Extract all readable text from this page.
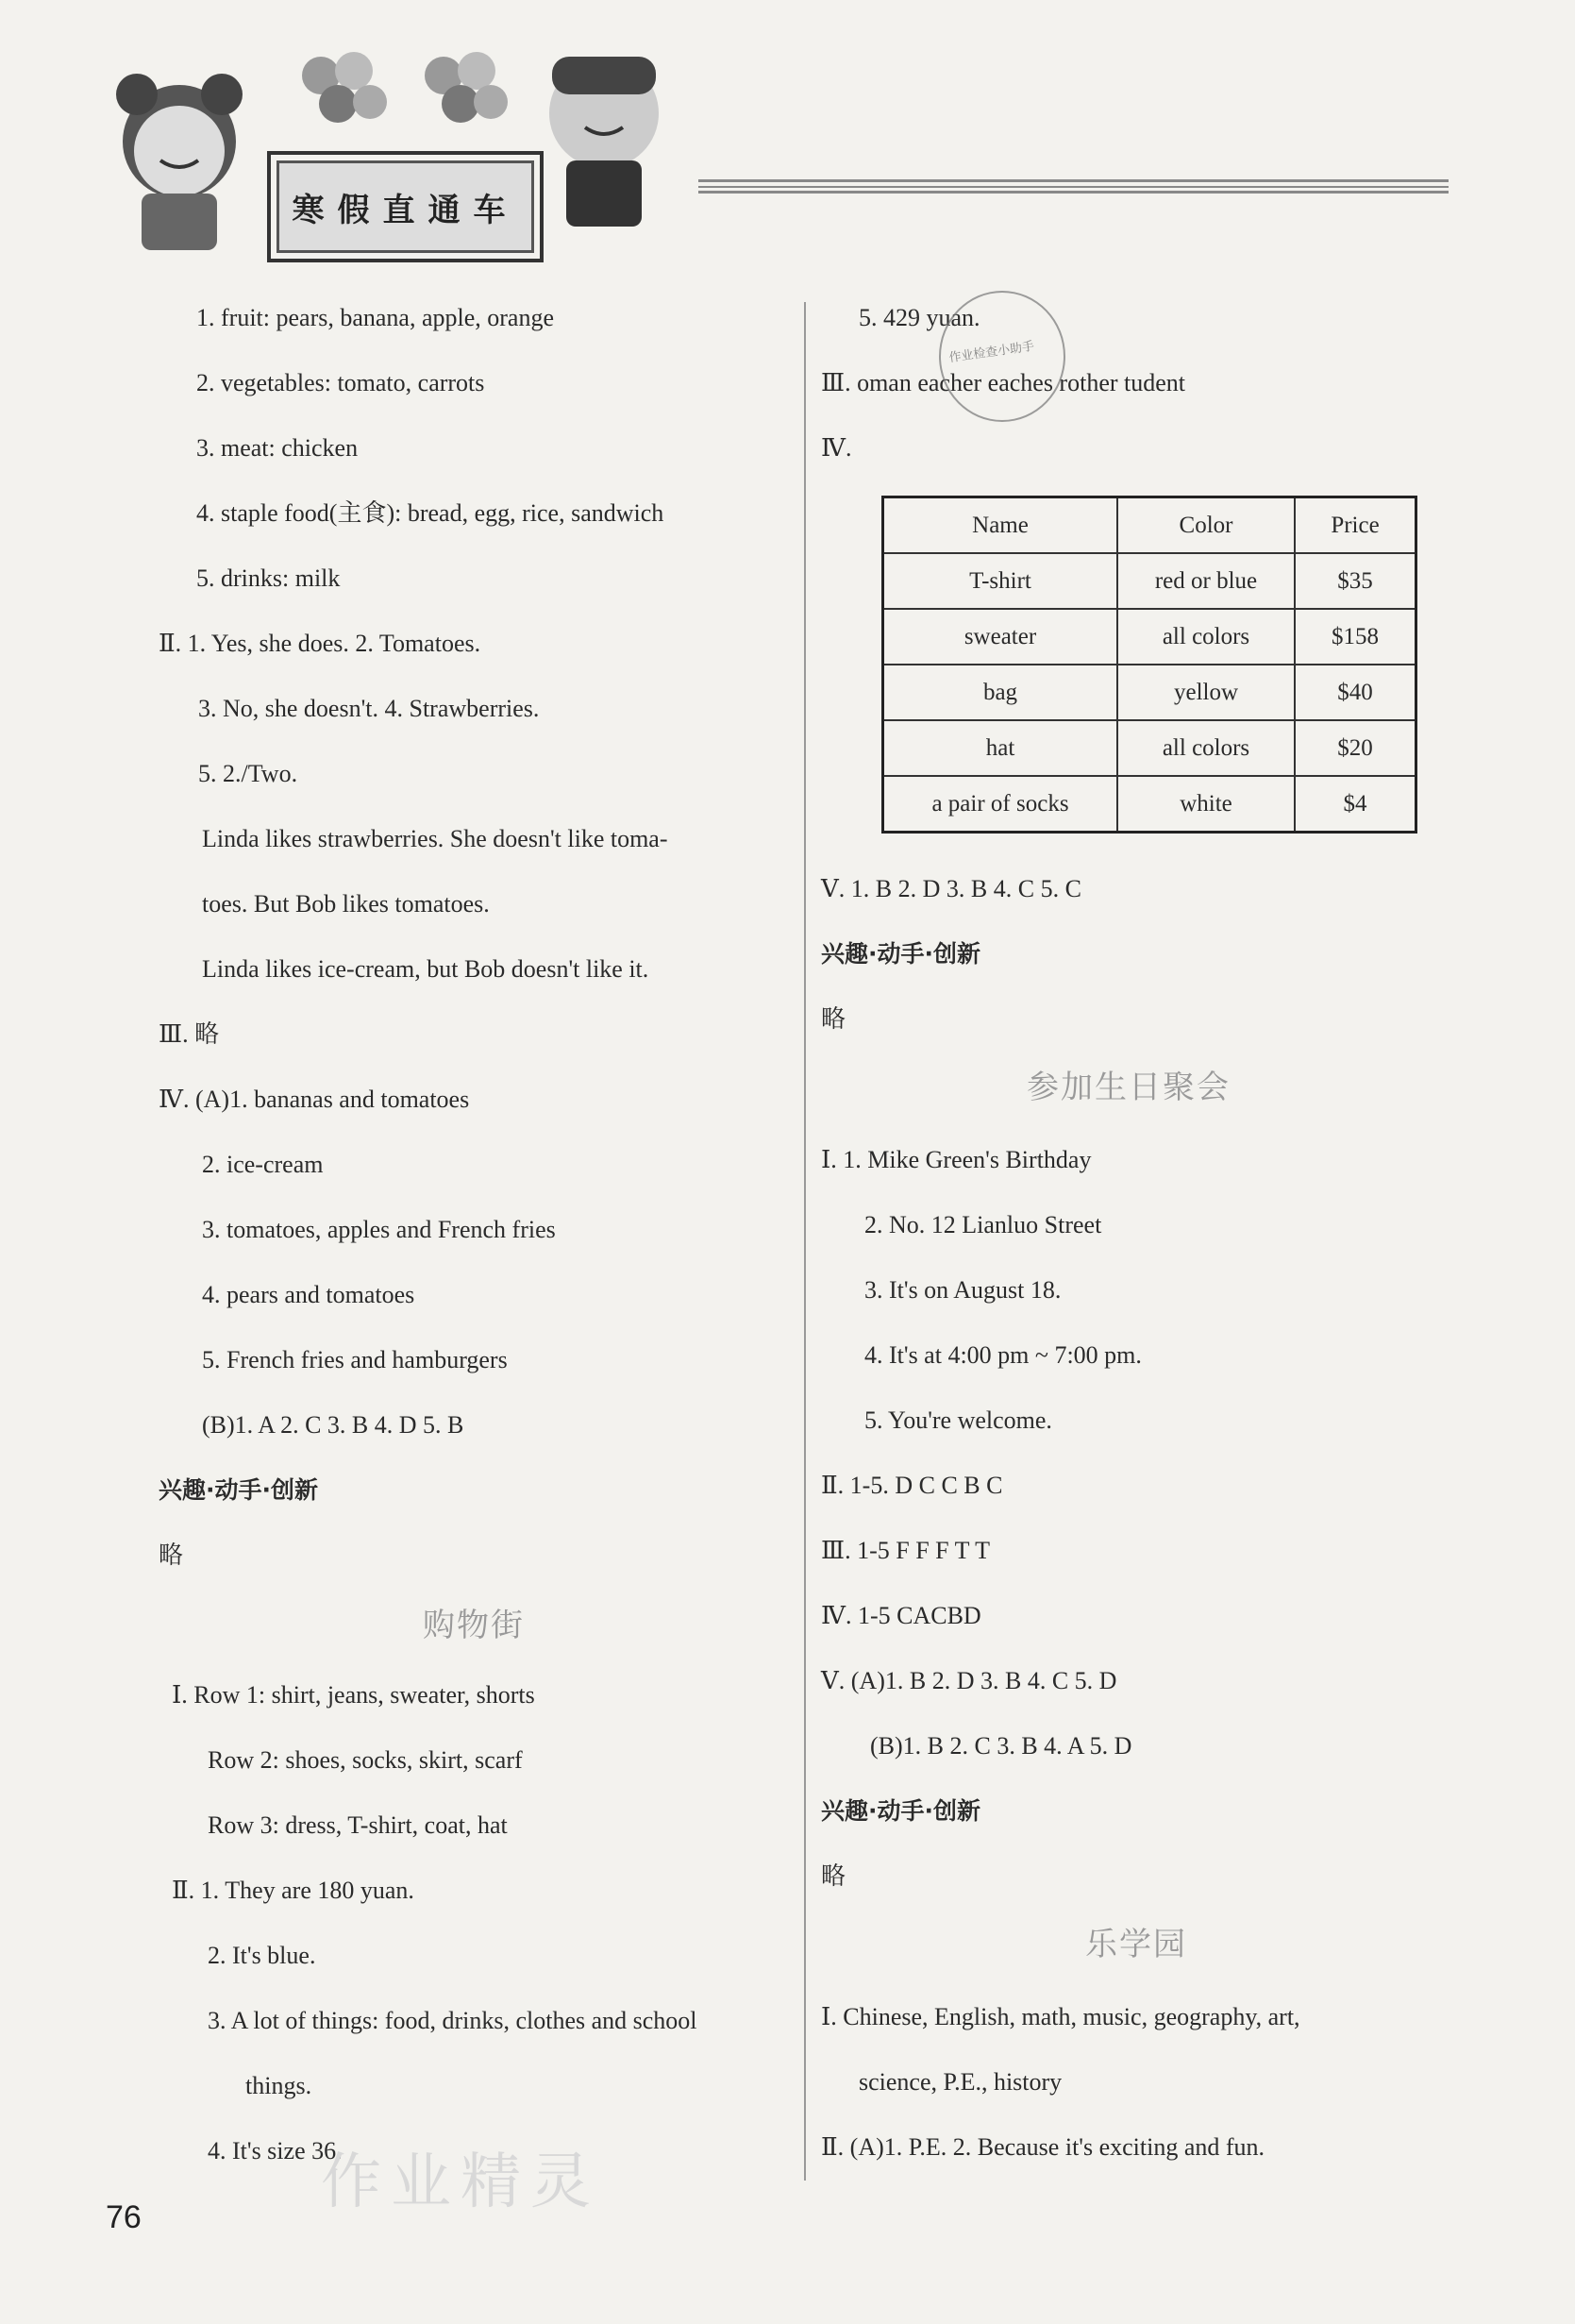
寒假直通车
1. fruit: pears, banana, apple, orange
2. vegetables: tomato, carrots
3. meat: chicken
4. staple food(主食): bread, egg, rice, sandwich
5. drinks: milk
Ⅱ. 1. Yes, she does. 2. Tomatoes.
3. No, she doesn't. 4. Strawberries.
5. 2./Two.
Linda likes strawberries. She doesn't like toma-
toes. But Bob likes tomatoes.
Linda likes ice-cream, but Bob doesn't like it.
Ⅲ. 略
Ⅳ. (A)1. bananas and tomatoes
2. ice-cream
3. tomatoes, apples and French fries
4. pears and tomatoes
5. French fries and hamburgers
(B)1. A 2. C 3. B 4. D 5. B
兴趣·动手·创新
略
购物街
Ⅰ. Row 1: shirt, jeans, sweater, shorts
Row 2: shoes, socks, skirt, scarf
Row 3: dress, T-shirt, coat, hat
Ⅱ. 1. They are 180 yuan.
2. It's blue.
3. A lot of things: food, drinks, clothes and school
things.
4. It's size 36.
5. 429 yuan.
Ⅲ. oman eacher eaches rother tudent
Ⅳ.
Ⅴ. 1. B 2. D 3. B 4. C 5. C
兴趣·动手·创新
略
参加生日聚会
Ⅰ. 1. Mike Green's Birthday
2. No. 12 Lianluo Street
3. It's on August 18.
4. It's at 4:00 pm ~ 7:00 pm.
5. You're welcome.
Ⅱ. 1-5. D C C B C
Ⅲ. 1-5 F F F T T
Ⅳ. 1-5 CACBD
Ⅴ. (A)1. B 2. D 3. B 4. C 5. D
(B)1. B 2. C 3. B 4. A 5. D
兴趣·动手·创新
略
乐学园
Ⅰ. Chinese, English, math, music, geography, art,
science, P.E., history
Ⅱ. (A)1. P.E. 2. Because it's exciting and fun.
Name	Color	Price
T-shirt	red or blue	$35
sweater	all colors	$158
bag	yellow	$40
hat	all colors	$20
a pair of socks	white	$4
作业检查小助手
作业精灵
76
